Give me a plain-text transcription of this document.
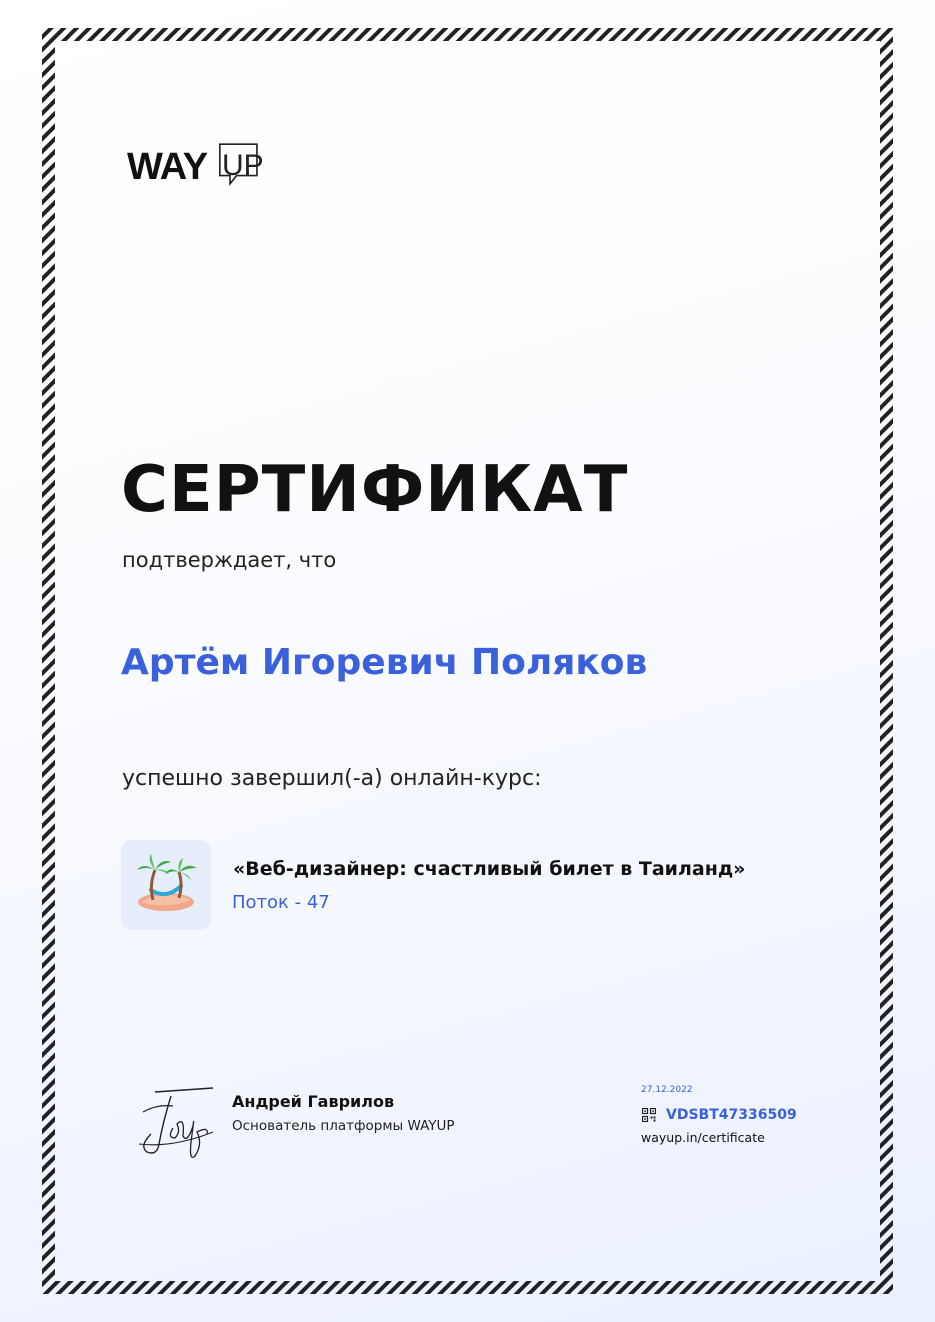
WAY UP
СЕРТИФИКАТ
подтверждает, что
Артём Игоревич Поляков
успешно завершил(-а) онлайн-курс:
«Веб-дизайнер: счастливый билет в Таиланд»
Поток - 47
Андрей Гаврилов
Основатель платформы WAYUP
27.12.2022
VDSBT47336509
wayup.in/certificate
